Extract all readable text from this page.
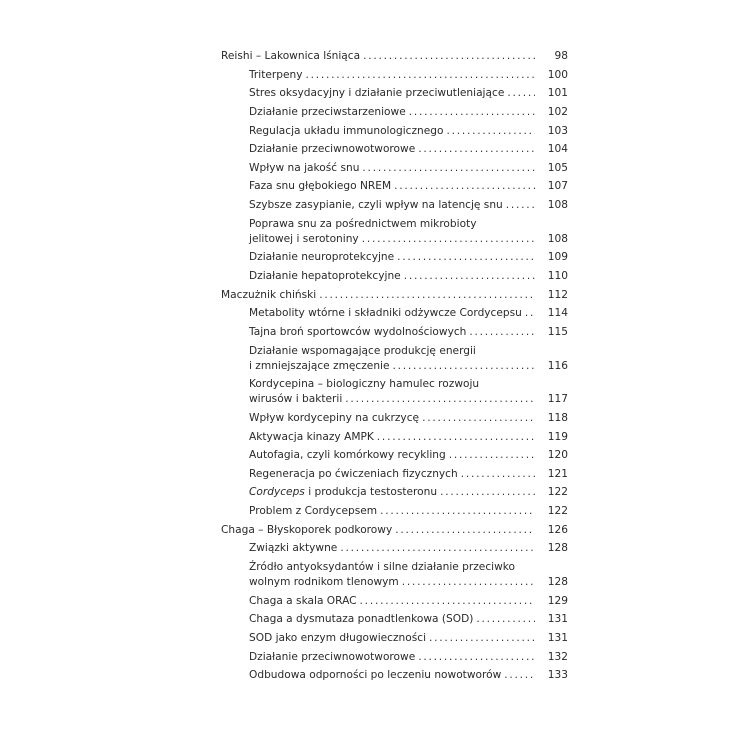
Reishi – Lakownica lśniąca . . .	98
Triterpeny . . .	100
Stres oksydacyjny i działanie przeciwutleniające . . .	101
Działanie przeciwstarzeniowe . . .	102
Regulacja układu immunologicznego . . .	103
Działanie przeciwnowotworowe . . .	104
Wpływ na jakość snu . . .	105
Faza snu głębokiego NREM . . .	107
Szybsze zasypianie, czyli wpływ na latencję snu . . .	108
Poprawa snu za pośrednictwem mikrobioty
jelitowej i serotoniny . . .	108
Działanie neuroprotekcyjne . . .	109
Działanie hepatoprotekcyjne . . .	110
Maczużnik chiński . . .	112
Metabolity wtórne i składniki odżywcze Cordycepsu . . .	114
Tajna broń sportowców wydolnościowych . . .	115
Działanie wspomagające produkcję energii
i zmniejszające zmęczenie . . .	116
Kordycepina – biologiczny hamulec rozwoju
wirusów i bakterii . . .	117
Wpływ kordycepiny na cukrzycę . . .	118
Aktywacja kinazy AMPK . . .	119
Autofagia, czyli komórkowy recykling . . .	120
Regeneracja po ćwiczeniach fizycznych . . .	121
Cordyceps i produkcja testosteronu . . .	122
Problem z Cordycepsem . . .	122
Chaga – Błyskoporek podkorowy . . .	126
Związki aktywne . . .	128
Źródło antyoksydantów i silne działanie przeciwko
wolnym rodnikom tlenowym . . .	128
Chaga a skala ORAC . . .	129
Chaga a dysmutaza ponadtlenkowa (SOD) . . .	131
SOD jako enzym długowieczności . . .	131
Działanie przeciwnowotworowe . . .	132
Odbudowa odporności po leczeniu nowotworów . . .	133
